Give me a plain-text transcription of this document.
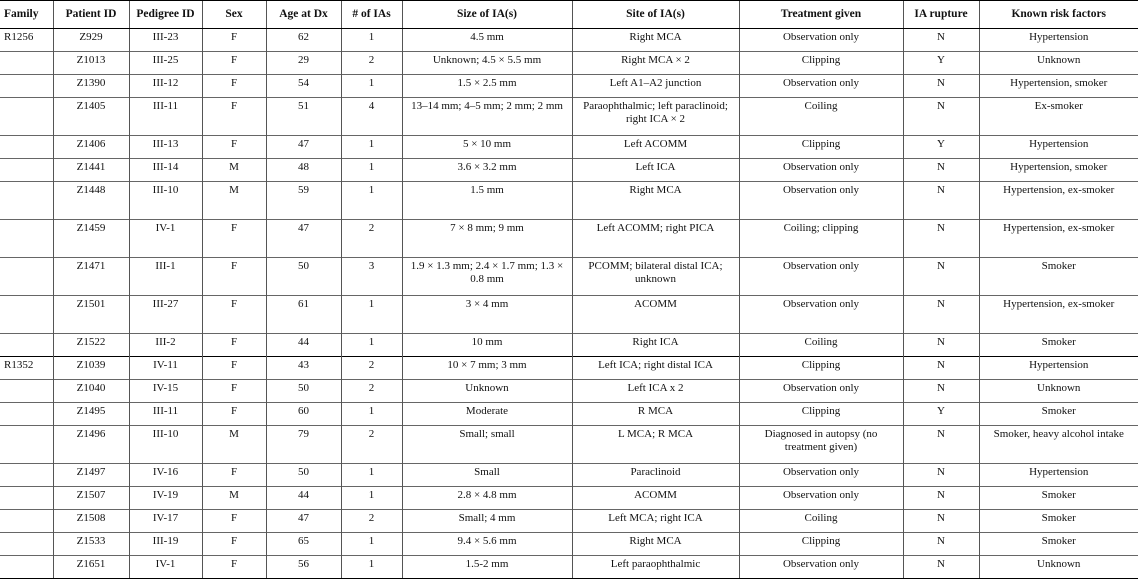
Family	Patient ID	Pedigree ID	Sex	Age at Dx	# of IAs	Size of IA(s)	Site of IA(s)	Treatment given	IA rupture	Known risk factors
R1256	Z929	III-23	F	62	1	4.5 mm	Right MCA	Observation only	N	Hypertension
	Z1013	III-25	F	29	2	Unknown; 4.5 × 5.5 mm	Right MCA × 2	Clipping	Y	Unknown
	Z1390	III-12	F	54	1	1.5 × 2.5 mm	Left A1–A2 junction	Observation only	N	Hypertension, smoker
	Z1405	III-11	F	51	4	13–14 mm; 4–5 mm; 2 mm; 2 mm	Paraophthalmic; left paraclinoid; right ICA × 2	Coiling	N	Ex-smoker
	Z1406	III-13	F	47	1	5 × 10 mm	Left ACOMM	Clipping	Y	Hypertension
	Z1441	III-14	M	48	1	3.6 × 3.2 mm	Left ICA	Observation only	N	Hypertension, smoker
	Z1448	III-10	M	59	1	1.5 mm	Right MCA	Observation only	N	Hypertension, ex-smoker
	Z1459	IV-1	F	47	2	7 × 8 mm; 9 mm	Left ACOMM; right PICA	Coiling; clipping	N	Hypertension, ex-smoker
	Z1471	III-1	F	50	3	1.9 × 1.3 mm; 2.4 × 1.7 mm; 1.3 × 0.8 mm	PCOMM; bilateral distal ICA; unknown	Observation only	N	Smoker
	Z1501	III-27	F	61	1	3 × 4 mm	ACOMM	Observation only	N	Hypertension, ex-smoker
	Z1522	III-2	F	44	1	10 mm	Right ICA	Coiling	N	Smoker
R1352	Z1039	IV-11	F	43	2	10 × 7 mm; 3 mm	Left ICA; right distal ICA	Clipping	N	Hypertension
	Z1040	IV-15	F	50	2	Unknown	Left ICA x 2	Observation only	N	Unknown
	Z1495	III-11	F	60	1	Moderate	R MCA	Clipping	Y	Smoker
	Z1496	III-10	M	79	2	Small; small	L MCA; R MCA	Diagnosed in autopsy (no treatment given)	N	Smoker, heavy alcohol intake
	Z1497	IV-16	F	50	1	Small	Paraclinoid	Observation only	N	Hypertension
	Z1507	IV-19	M	44	1	2.8 × 4.8 mm	ACOMM	Observation only	N	Smoker
	Z1508	IV-17	F	47	2	Small; 4 mm	Left MCA; right ICA	Coiling	N	Smoker
	Z1533	III-19	F	65	1	9.4 × 5.6 mm	Right MCA	Clipping	N	Smoker
	Z1651	IV-1	F	56	1	1.5-2 mm	Left paraophthalmic	Observation only	N	Unknown
